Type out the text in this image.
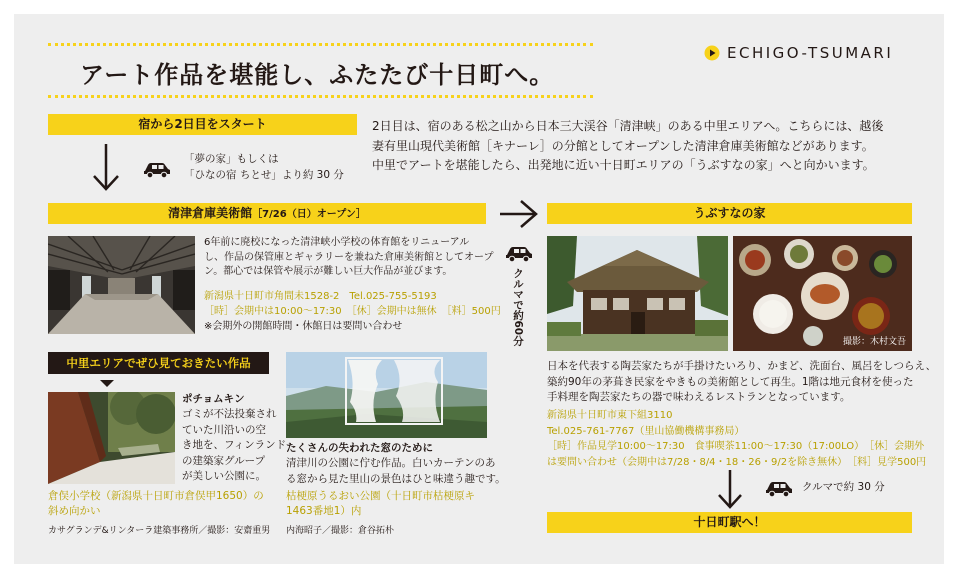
アート作品を堪能し、ふたたび十日町へ。
ECHIGO-TSUMARI
2日目は、宿のある松之山から日本三大渓谷「清津峡」のある中里エリアへ。こちらには、越後
妻有里山現代美術館［キナーレ］の分館としてオープンした清津倉庫美術館などがあります。
中里でアートを堪能したら、出発地に近い十日町エリアの「うぶすなの家」へと向かいます。
宿から2日目をスタート
「夢の家」もしくは
「ひなの宿 ちとせ」より約 30 分
清津倉庫美術館［7/26（日）オープン］
6年前に廃校になった清津峡小学校の体育館をリニューアル
し、作品の保管庫とギャラリーを兼ねた倉庫美術館としてオープ
ン。都心では保管や展示が難しい巨大作品が並びます。
新潟県十日町市角間未1528-2　Tel.025-755-5193
［時］会期中は10:00〜17:30　［休］会期中は無休　［料］500円
※会期外の開館時間・休館日は要問い合わせ	クルマで約60分
中里エリアでぜひ見ておきたい作品
ポチョムキン
ゴミが不法投棄され
ていた川沿いの空
き地を、フィンランド
の建築家グループ
が美しい公園に。
倉俣小学校（新潟県十日町市倉俣甲1650）の
斜め向かい
カサグランデ&リンターラ建築事務所／撮影：安齋重男
たくさんの失われた窓のために
清津川の公園に佇む作品。白いカーテンのあ
る窓から見た里山の景色はひと味違う趣です。
枯梗原うるおい公園（十日町市枯梗原キ
1463番地1）内
内海昭子／撮影：倉谷拓朴
うぶすなの家
撮影：木村文吾
日本を代表する陶芸家たちが手掛けたいろり、かまど、洗面台、風呂をしつらえ、
築約90年の茅葺き民家をやきもの美術館として再生。1階は地元食材を使った
手料理を陶芸家たちの器で味わえるレストランとなっています。
新潟県十日町市東下組3110
Tel.025-761-7767（里山協働機構事務局）
［時］作品見学10:00〜17:30　食事喫茶11:00〜17:30（17:00LO）　［休］会期外
は要問い合わせ（会期中は7/28・8/4・18・26・9/2を除き無休）　［料］見学500円
クルマで約 30 分
十日町駅へ！
